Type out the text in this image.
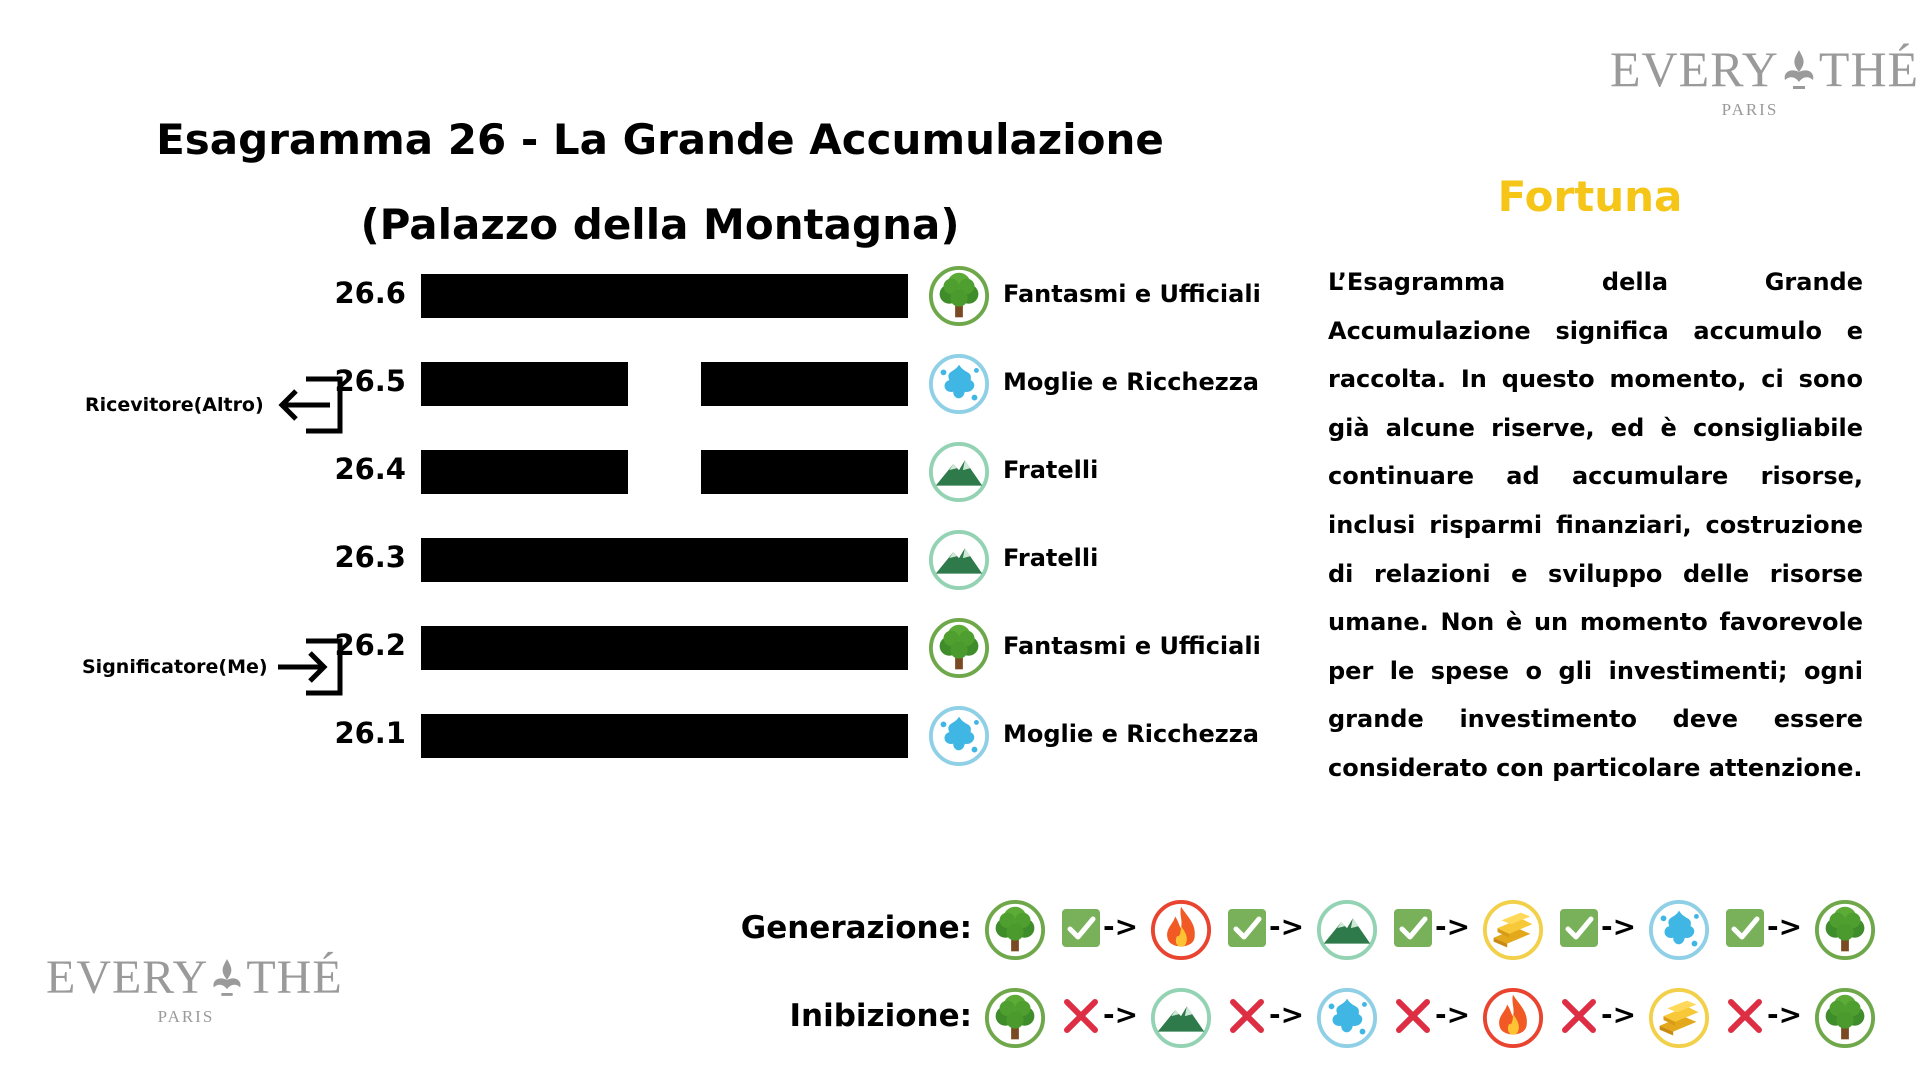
EVERY THÉ
PARIS
EVERY THÉ
PARIS
Esagramma 26 - La Grande Accumulazione
(Palazzo della Montagna)
26.6	Fantasmi e Ufficiali
26.5	Moglie e Ricchezza
26.4	Fratelli
26.3	Fratelli
26.2	Fantasmi e Ufficiali
26.1	Moglie e Ricchezza
Ricevitore(Altro)
Significatore(Me)
Fortuna
L’Esagramma della Grande Accumulazione significa accumulo e raccolta. In questo momento, ci sono già alcune riserve, ed è consigliabile continuare ad accumulare risorse, inclusi risparmi finanziari, costruzione di relazioni e sviluppo delle risorse umane. Non è un momento favorevole per le spese o gli investimenti; ogni grande investimento deve essere considerato con particolare attenzione.
Generazione:	->	->	->	->	->
Inibizione:	->	->	->	->	->
